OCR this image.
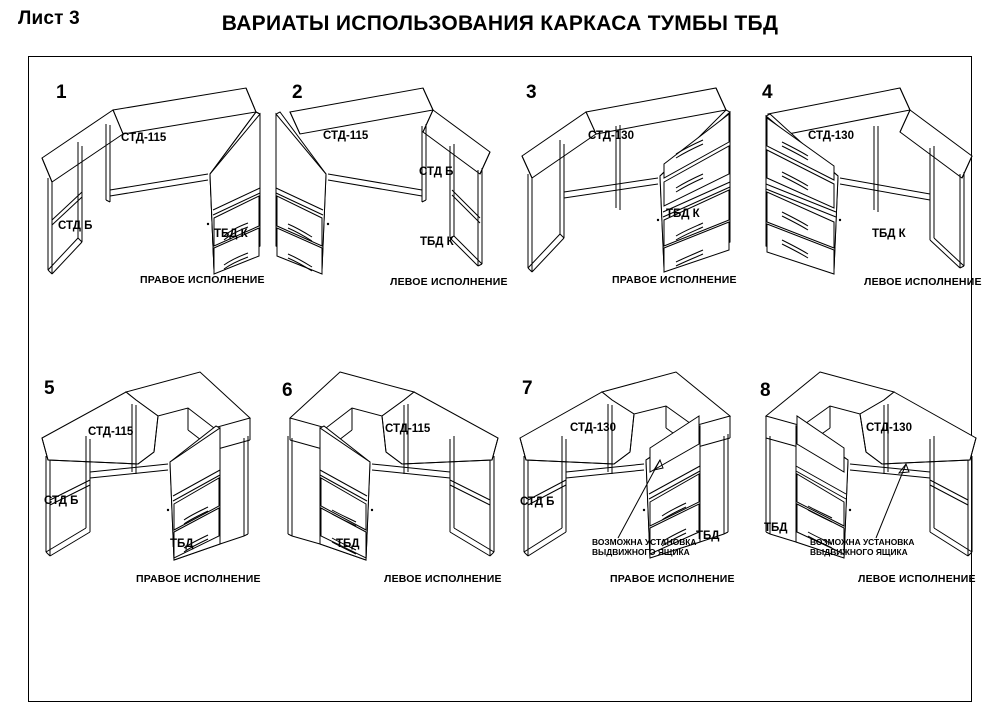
Лист 3	ВАРИАТЫ ИСПОЛЬЗОВАНИЯ КАРКАСА ТУМБЫ ТБД
1
СТД-115
СТД Б
ТБД К
ПРАВОЕ ИСПОЛНЕНИЕ
2
СТД-115
СТД Б
ТБД К
ЛЕВОЕ ИСПОЛНЕНИЕ
3
СТД-130
ТБД К
ПРАВОЕ ИСПОЛНЕНИЕ
4
СТД-130
ТБД К
ЛЕВОЕ ИСПОЛНЕНИЕ
5
СТД-115
СТД Б
ТБД
ПРАВОЕ ИСПОЛНЕНИЕ
6
СТД-115
ТБД
ЛЕВОЕ ИСПОЛНЕНИЕ
7
СТД-130
СТД Б
ТБД
ВОЗМОЖНА УСТАНОВКА
ВЫДВИЖНОГО ЯЩИКА
ПРАВОЕ ИСПОЛНЕНИЕ
8
СТД-130
ТБД
ВОЗМОЖНА УСТАНОВКА
ВЫДВИЖНОГО ЯЩИКА
ЛЕВОЕ ИСПОЛНЕНИЕ
